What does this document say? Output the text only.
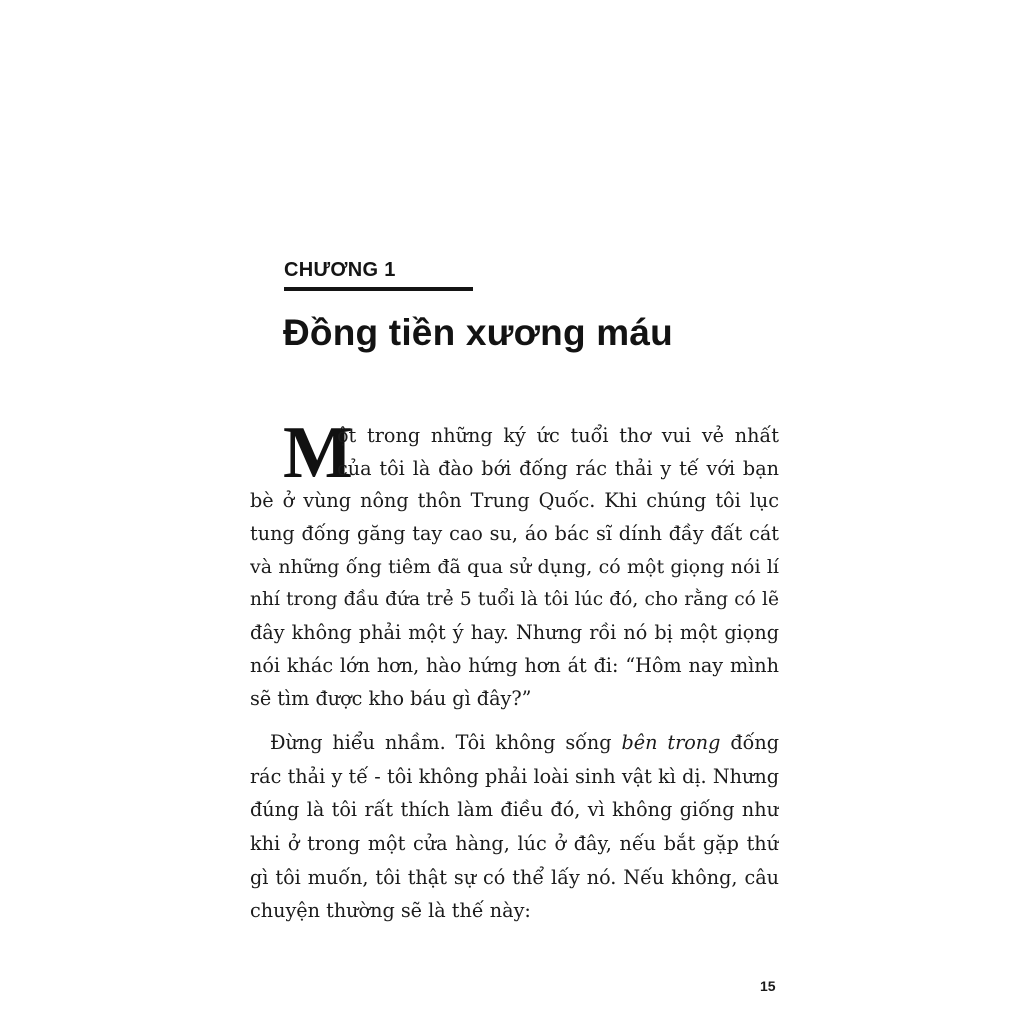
CHƯƠNG 1
Đồng tiền xương máu
M
ột trong những ký ức tuổi thơ vui vẻ nhất
của tôi là đào bới đống rác thải y tế với bạn
bè ở vùng nông thôn Trung Quốc. Khi chúng tôi lục
tung đống găng tay cao su, áo bác sĩ dính đầy đất cát
và những ống tiêm đã qua sử dụng, có một giọng nói lí
nhí trong đầu đứa trẻ 5 tuổi là tôi lúc đó, cho rằng có lẽ
đây không phải một ý hay. Nhưng rồi nó bị một giọng
nói khác lớn hơn, hào hứng hơn át đi: “Hôm nay mình
sẽ tìm được kho báu gì đây?”
Đừng hiểu nhầm. Tôi không sống bên trong đống
rác thải y tế - tôi không phải loài sinh vật kì dị. Nhưng
đúng là tôi rất thích làm điều đó, vì không giống như
khi ở trong một cửa hàng, lúc ở đây, nếu bắt gặp thứ
gì tôi muốn, tôi thật sự có thể lấy nó. Nếu không, câu
chuyện thường sẽ là thế này:
15
